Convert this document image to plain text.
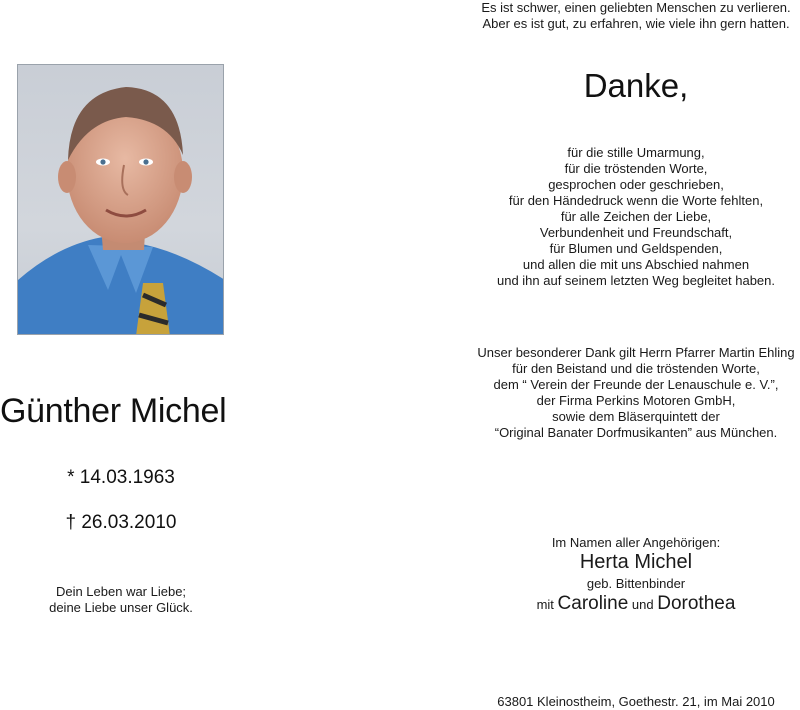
Günther Michel
* 14.03.1963
† 26.03.2010
Dein Leben war Liebe;
deine Liebe unser Glück.
Es ist schwer, einen geliebten Menschen zu verlieren.
Aber es ist gut, zu erfahren, wie viele ihn gern hatten.
Danke,
für die stille Umarmung,
für die tröstenden Worte,
gesprochen oder geschrieben,
für den Händedruck wenn die Worte fehlten,
für alle Zeichen der Liebe,
Verbundenheit und Freundschaft,
für Blumen und Geldspenden,
und allen die mit uns Abschied nahmen
und ihn auf seinem letzten Weg begleitet haben.
Unser besonderer Dank gilt Herrn Pfarrer Martin Ehling
für den Beistand und die tröstenden Worte,
dem “ Verein der Freunde der Lenauschule e. V.”,
der Firma Perkins Motoren GmbH,
sowie dem Bläserquintett der
“Original Banater Dorfmusikanten” aus München.
Im Namen aller Angehörigen:
Herta Michel
geb. Bittenbinder
mit Caroline und Dorothea
63801 Kleinostheim, Goethestr. 21, im Mai 2010
